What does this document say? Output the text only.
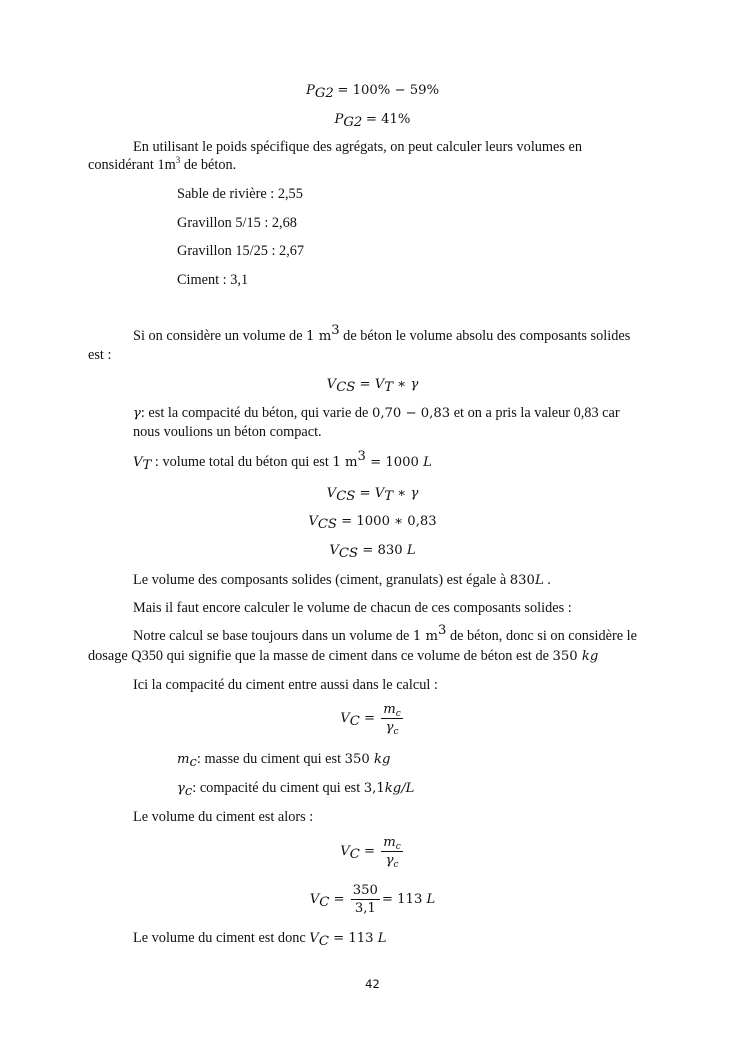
$P_{G2} = 100\% - 59\%$
$P_{G2} = 41\%$
En utilisant le poids spécifique des agrégats, on peut calculer leurs volumes en
considérant $1m^3$ de béton.
Sable de rivière : 2,55
Gravillon 5/15 : 2,68
Gravillon 15/25 : 2,67
Ciment : 3,1
Si on considère un volume de 1 $m^3$ de béton le volume absolu des composants solides
est :
$V_{CS} = V_T$ ∗ γ
γ: est la compacité du béton, qui varie de 0,70 − 0,83 et on a pris la valeur 0,83 car
nous voulions un béton compact.
$V_T$ : volume total du béton qui est 1 $m^3 = 1000$ L
$V_{CS} = V_T$ ∗ γ
$V_{CS} = 1000$ ∗ 0,83
$V_{CS} = 830$ L
Le volume des composants solides (ciment, granulats) est égale à 830L .
Mais il faut encore calculer le volume de chacun de ces composants solides :
Notre calcul se base toujours dans un volume de 1 $m^3$ de béton, donc si on considère le
dosage Q350 qui signifie que la masse de ciment dans ce volume de béton est de 350 kg
Ici la compacité du ciment entre aussi dans le calcul :
$V_C = \frac{m_c}{\gamma_c}$
$m_c$: masse du ciment qui est 350 kg
$\gamma_c$: compacité du ciment qui est 3,1kg/L
Le volume du ciment est alors :
$V_C = \frac{m_c}{\gamma_c}$
$V_C = \frac{350}{3,1} = 113$ L
Le volume du ciment est donc $V_C = 113$ L
42
